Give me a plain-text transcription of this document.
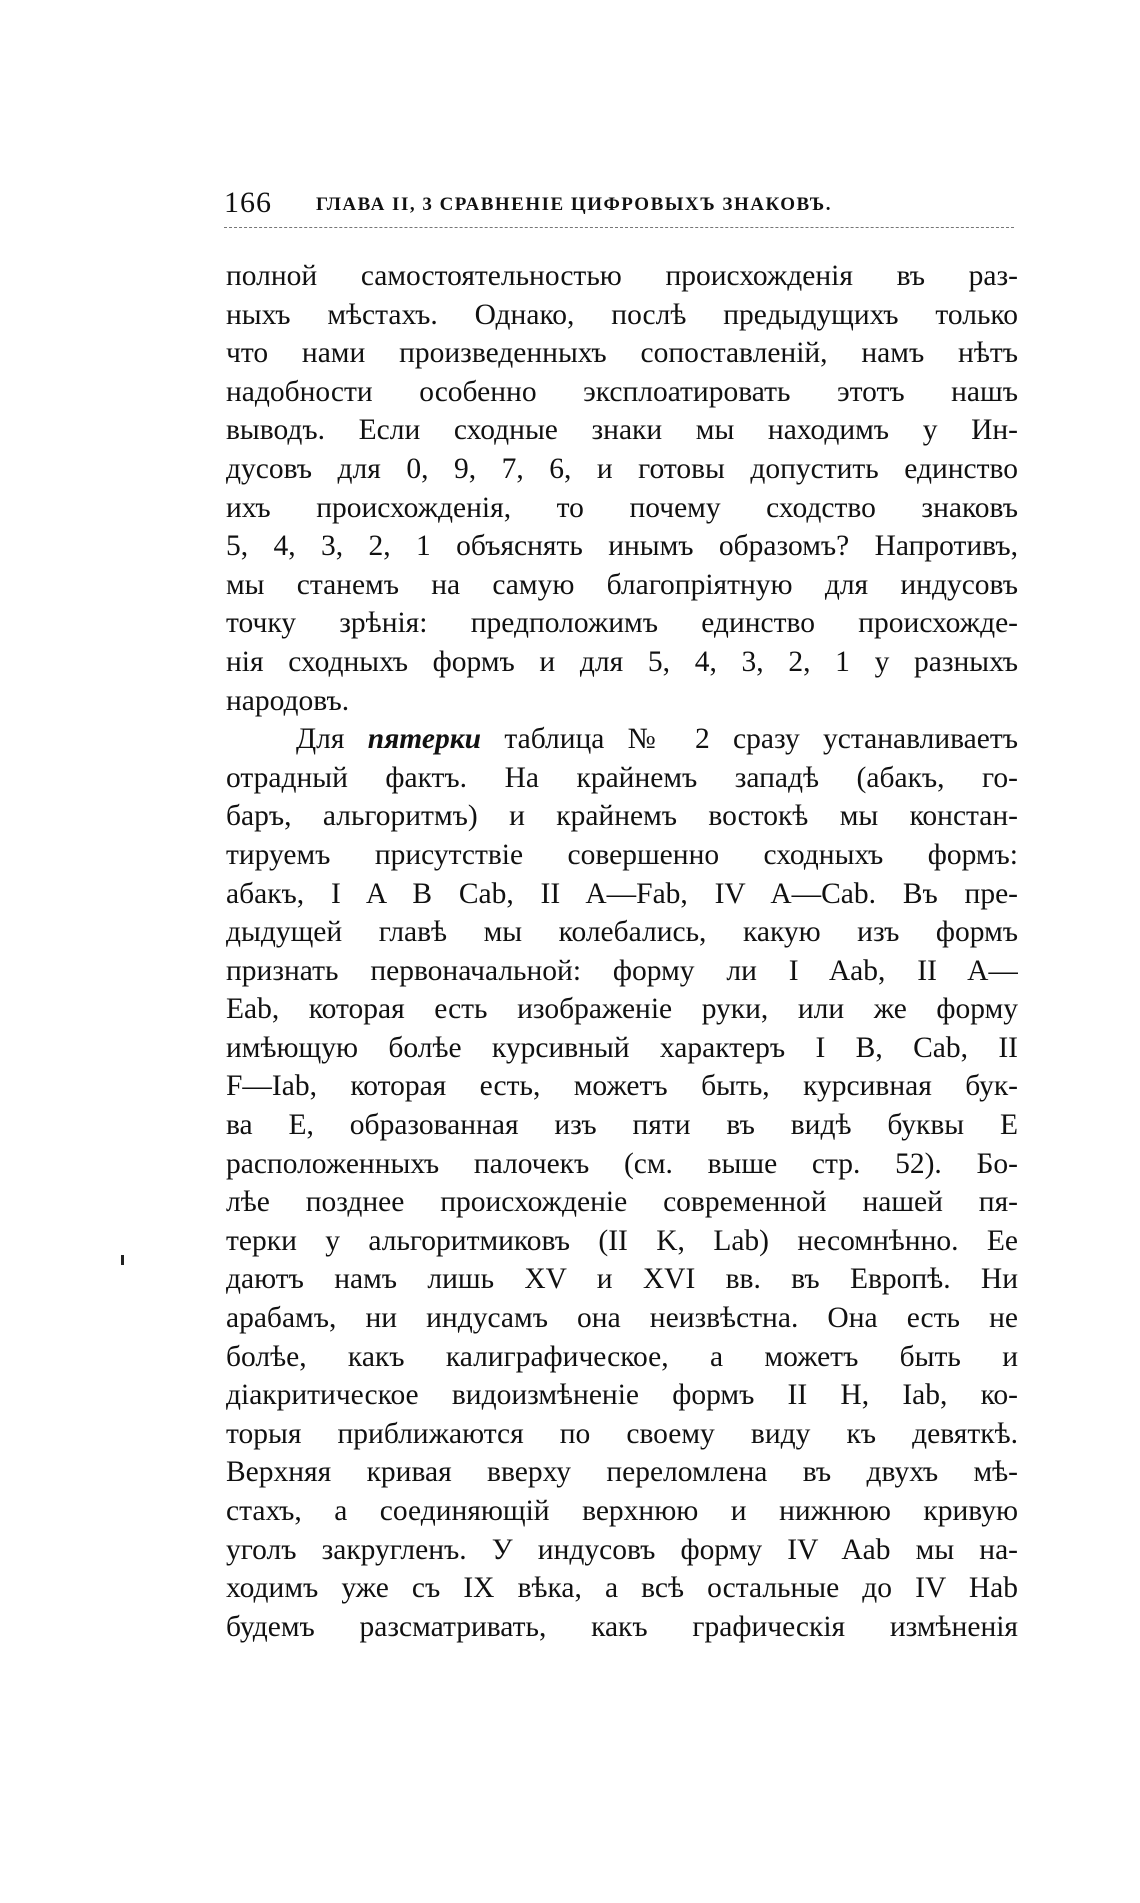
166 ГЛАВА II, 3 СРАВНЕНІЕ ЦИФРОВЫХЪ ЗНАКОВЪ.
полной самостоятельностью происхожденія въ раз-
ныхъ мѣстахъ. Однако, послѣ предыдущихъ только
что нами произведенныхъ сопоставленій, намъ нѣтъ
надобности особенно эксплоатировать этотъ нашъ
выводъ. Если сходные знаки мы находимъ у Ин-
дусовъ для 0, 9, 7, 6, и готовы допустить единство
ихъ происхожденія, то почему сходство знаковъ
5, 4, 3, 2, 1 объяснять инымъ образомъ? Напротивъ,
мы станемъ на самую благопріятную для индусовъ
точку зрѣнія: предположимъ единство происхожде-
нія сходныхъ формъ и для 5, 4, 3, 2, 1 у разныхъ
народовъ.
Для пятерки таблица № 2 сразу устанавливаетъ
отрадный фактъ. На крайнемъ западѣ (абакъ, го-
баръ, альгоритмъ) и крайнемъ востокѣ мы констан-
тируемъ присутствіе совершенно сходныхъ формъ:
абакъ, I A B Cab, II A—Fab, IV A—Cab. Въ пре-
дыдущей главѣ мы колебались, какую изъ формъ
признать первоначальной: форму ли I Aab, II A—
Eab, которая есть изображеніе руки, или же форму
имѣющую болѣе курсивный характеръ I B, Cab, II
F—Iab, которая есть, можетъ быть, курсивная бук-
ва E, образованная изъ пяти въ видѣ буквы E
расположенныхъ палочекъ (см. выше стр. 52). Бо-
лѣе позднее происхожденіе современной нашей пя-
терки у альгоритмиковъ (II K, Lab) несомнѣнно. Ее
даютъ намъ лишь XV и XVI вв. въ Европѣ. Ни
арабамъ, ни индусамъ она неизвѣстна. Она есть не
болѣе, какъ калиграфическое, а можетъ быть и
діакритическое видоизмѣненіе формъ II H, Iab, ко-
торыя приближаются по своему виду къ девяткѣ.
Верхняя кривая вверху переломлена въ двухъ мѣ-
стахъ, а соединяющій верхнюю и нижнюю кривую
уголъ закругленъ. У индусовъ форму IV Aab мы на-
ходимъ уже съ IX вѣка, а всѣ остальные до IV Hab
будемъ разсматривать, какъ графическія измѣненія
